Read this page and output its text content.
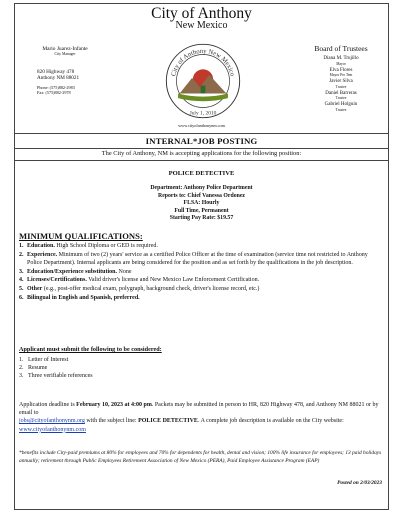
City of Anthony
New Mexico
Mario Juarez-Infante
City Manager
820 Highway 478
Anthony NM 88021
Phone: (575)882-2983
Fax: (575)882-2978
City of Anthony New Mexico
July 1, 2010
Board of Trustees
Diana M. Trujillo
Mayor
Elva Flores
Mayor Pro Tem
Javier Silva
Trustee
Daniel Barreras
Trustee
Gabriel Holguin
Trustee
www.cityofanthonynm.com
INTERNAL*JOB POSTING
The City of Anthony, NM is accepting applications for the following position:
POLICE DETECTIVE
Department: Anthony Police Department
Reports to: Chief Vanessa Ordonez
FLSA: Hourly
Full Time, Permanent
Starting Pay Rate: $19.57
MINIMUM QUALIFICATIONS:
1. Education. High School Diploma or GED is required.
2. Experience. Minimum of two (2) years' service as a certified Police Officer at the time of examination (service time not restricted to Anthony Police Department). Internal applicants are being considered for the position and as set forth by the qualifications in the job description.
3. Education/Experience substitution. None
4. Licenses/Certifications. Valid driver's license and New Mexico Law Enforcement Certification.
5. Other (e.g., post-offer medical exam, polygraph, background check, driver's license record, etc.)
6. Bilingual in English and Spanish, preferred.
Applicant must submit the following to be considered:
1. Letter of Interest
2. Resume
3. Three verifiable references
Application deadline is February 10, 2023 at 4:00 pm. Packets may be submitted in person to HR, 820 Highway 478, and Anthony NM 88021 or by email to
jobs@cityofanthonynm.org with the subject line: POLICE DETECTIVE. A complete job description is available on the City website:
www.cityofanthonynm.com
*benefits include City-paid premiums at 80% for employees and 70% for dependents for health, dental and vision; 100% life insurance for employees; 13 paid holidays annually; retirement through Public Employees Retirement Association of New Mexico (PERA), Paid Employee Assistance Program (EAP)
Posted on 2/03/2023
